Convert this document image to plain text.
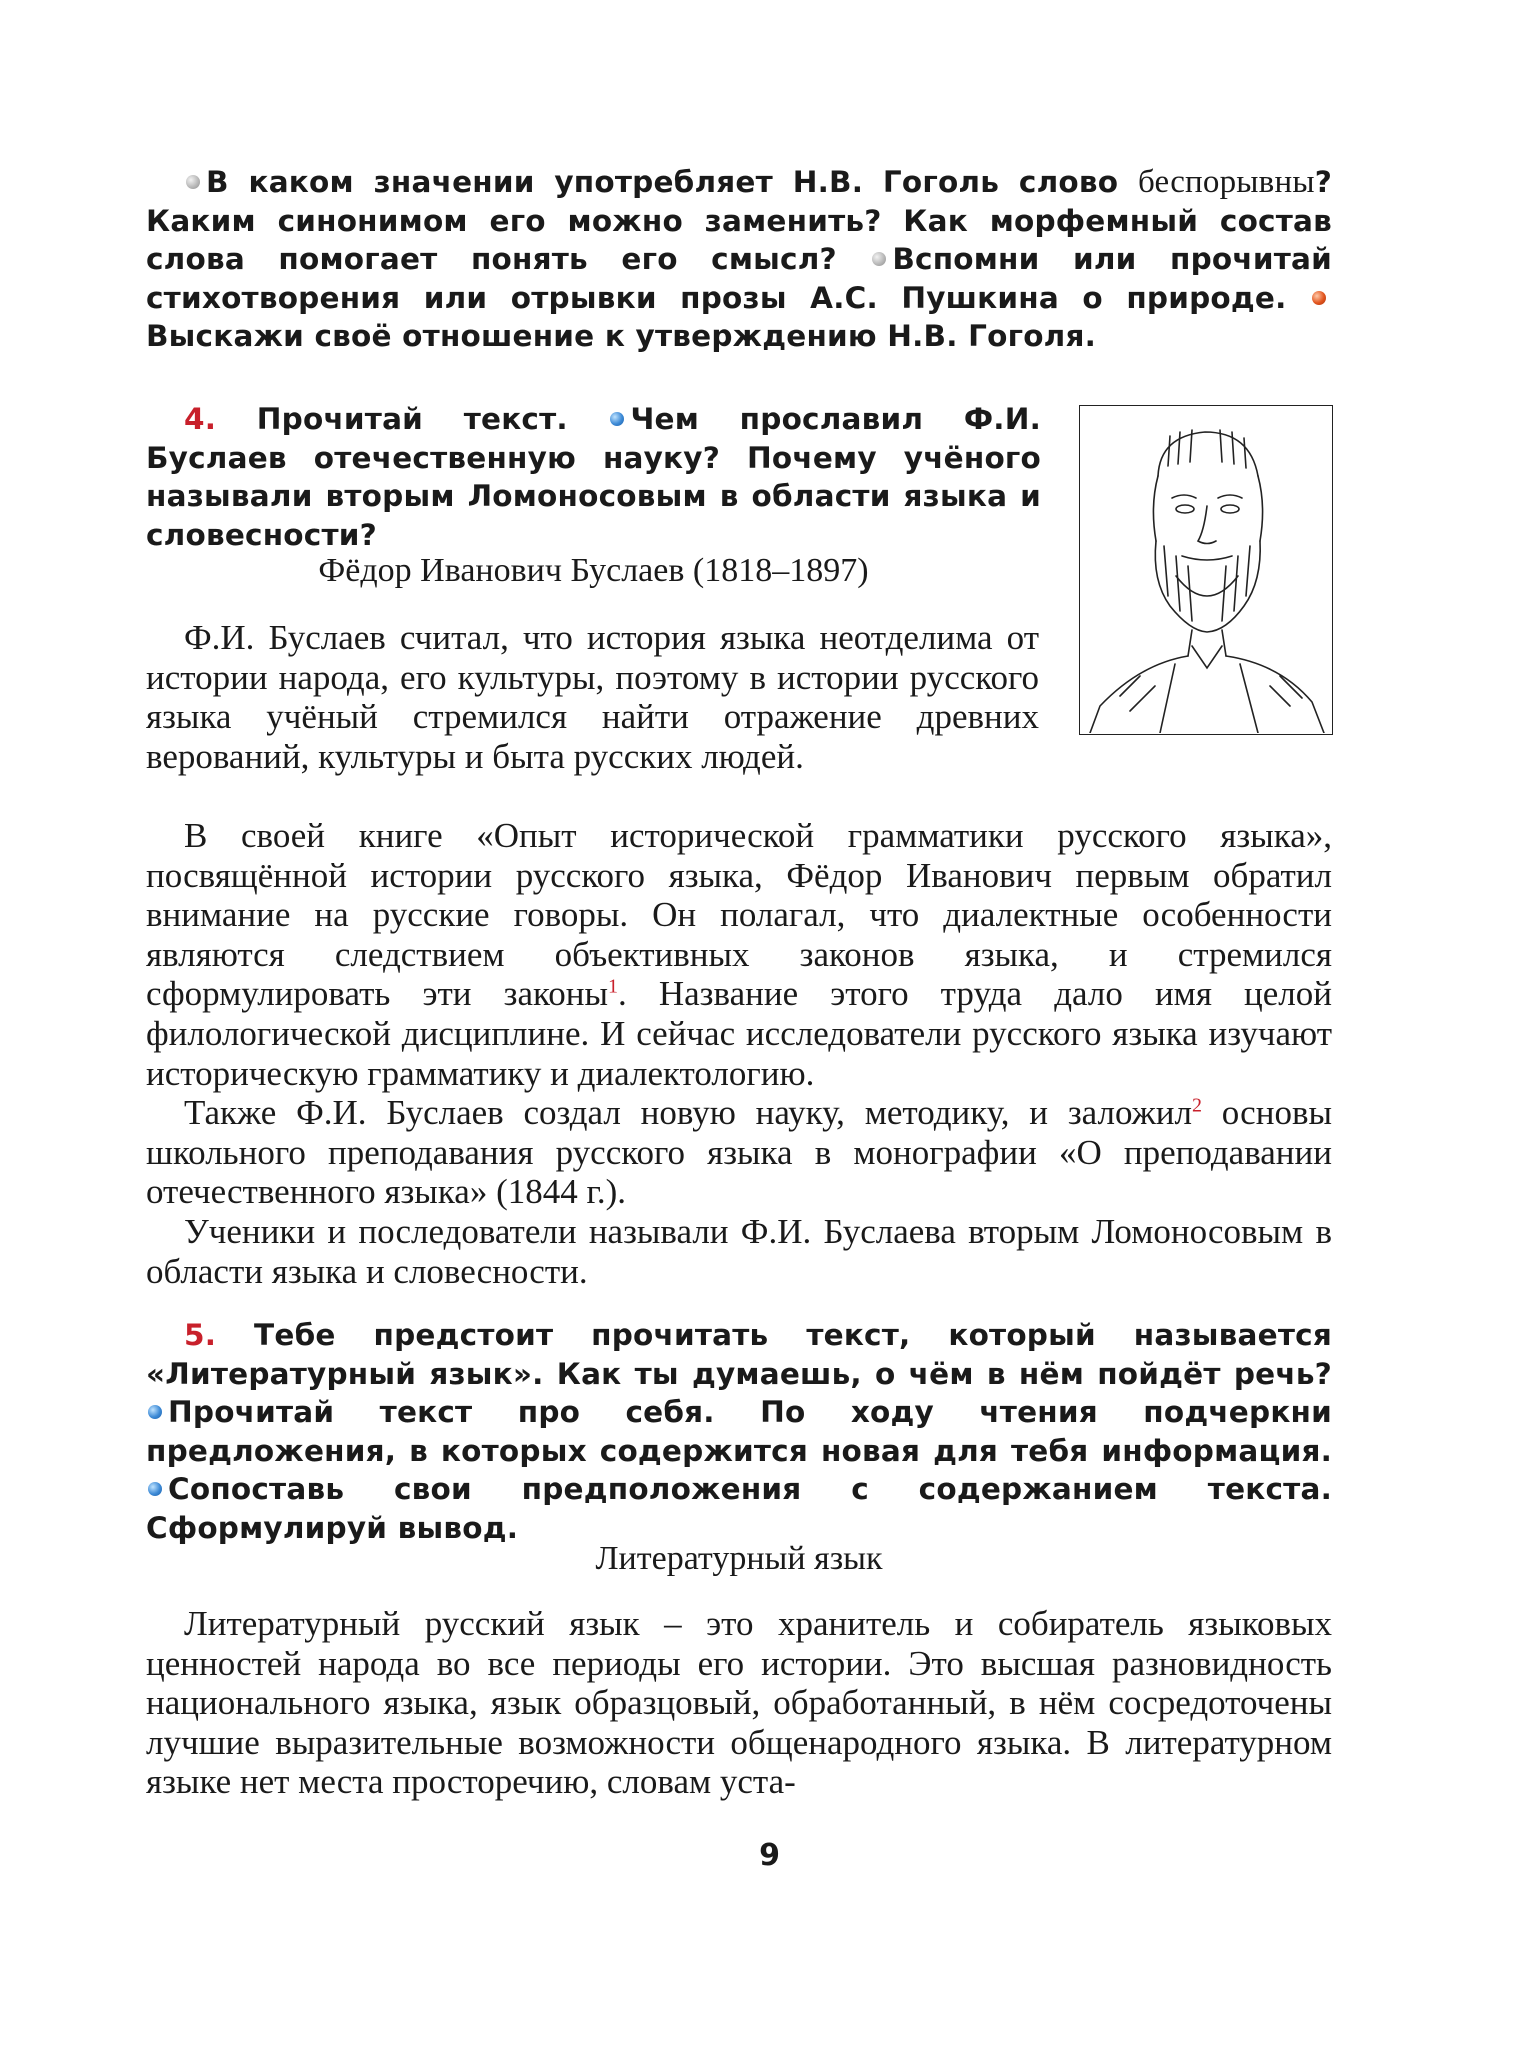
В каком значении употребляет Н.В. Гоголь слово беспорывны? Каким синонимом его можно заменить? Как морфемный состав слова помогает понять его смысл? Вспомни или прочитай стихотворения или отрывки прозы А.С. Пушкина о природе. Выскажи своё отношение к утверждению Н.В. Гоголя.
4. Прочитай текст. Чем прославил Ф.И. Буслаев отечественную науку? Почему учёного называли вторым Ломоносовым в области языка и словесности?
Фёдор Иванович Буслаев (1818–1897)

Ф.И. Буслаев считал, что история языка неотделима от истории народа, его культуры, поэтому в истории русского языка учёный стремился найти отражение древних верований, культуры и быта русских людей.

В своей книге «Опыт исторической грамматики русского языка», посвящённой истории русского языка, Фёдор Иванович первым обратил внимание на русские говоры. Он полагал, что диалектные особенности являются следствием объективных законов языка, и стремился сформулировать эти законы$^1$. Название этого труда дало имя целой филологической дисциплине. И сейчас исследователи русского языка изучают историческую грамматику и диалектологию.

Также Ф.И. Буслаев создал новую науку, методику, и заложил$^2$ основы школьного преподавания русского языка в монографии «О преподавании отечественного языка» (1844 г.).

Ученики и последователи называли Ф.И. Буслаева вторым Ломоносовым в области языка и словесности.

5. Тебе предстоит прочитать текст, который называется «Литературный язык». Как ты думаешь, о чём в нём пойдёт речь? Прочитай текст про себя. По ходу чтения подчеркни предложения, в которых содержится новая для тебя информация. Сопоставь свои предположения с содержанием текста. Сформулируй вывод.
Литературный язык

Литературный русский язык – это хранитель и собиратель языковых ценностей народа во все периоды его истории. Это высшая разновидность национального языка, язык образцовый, обработанный, в нём сосредоточены лучшие выразительные возможности общенародного языка. В литературном языке нет места просторечию, словам уста-

9
